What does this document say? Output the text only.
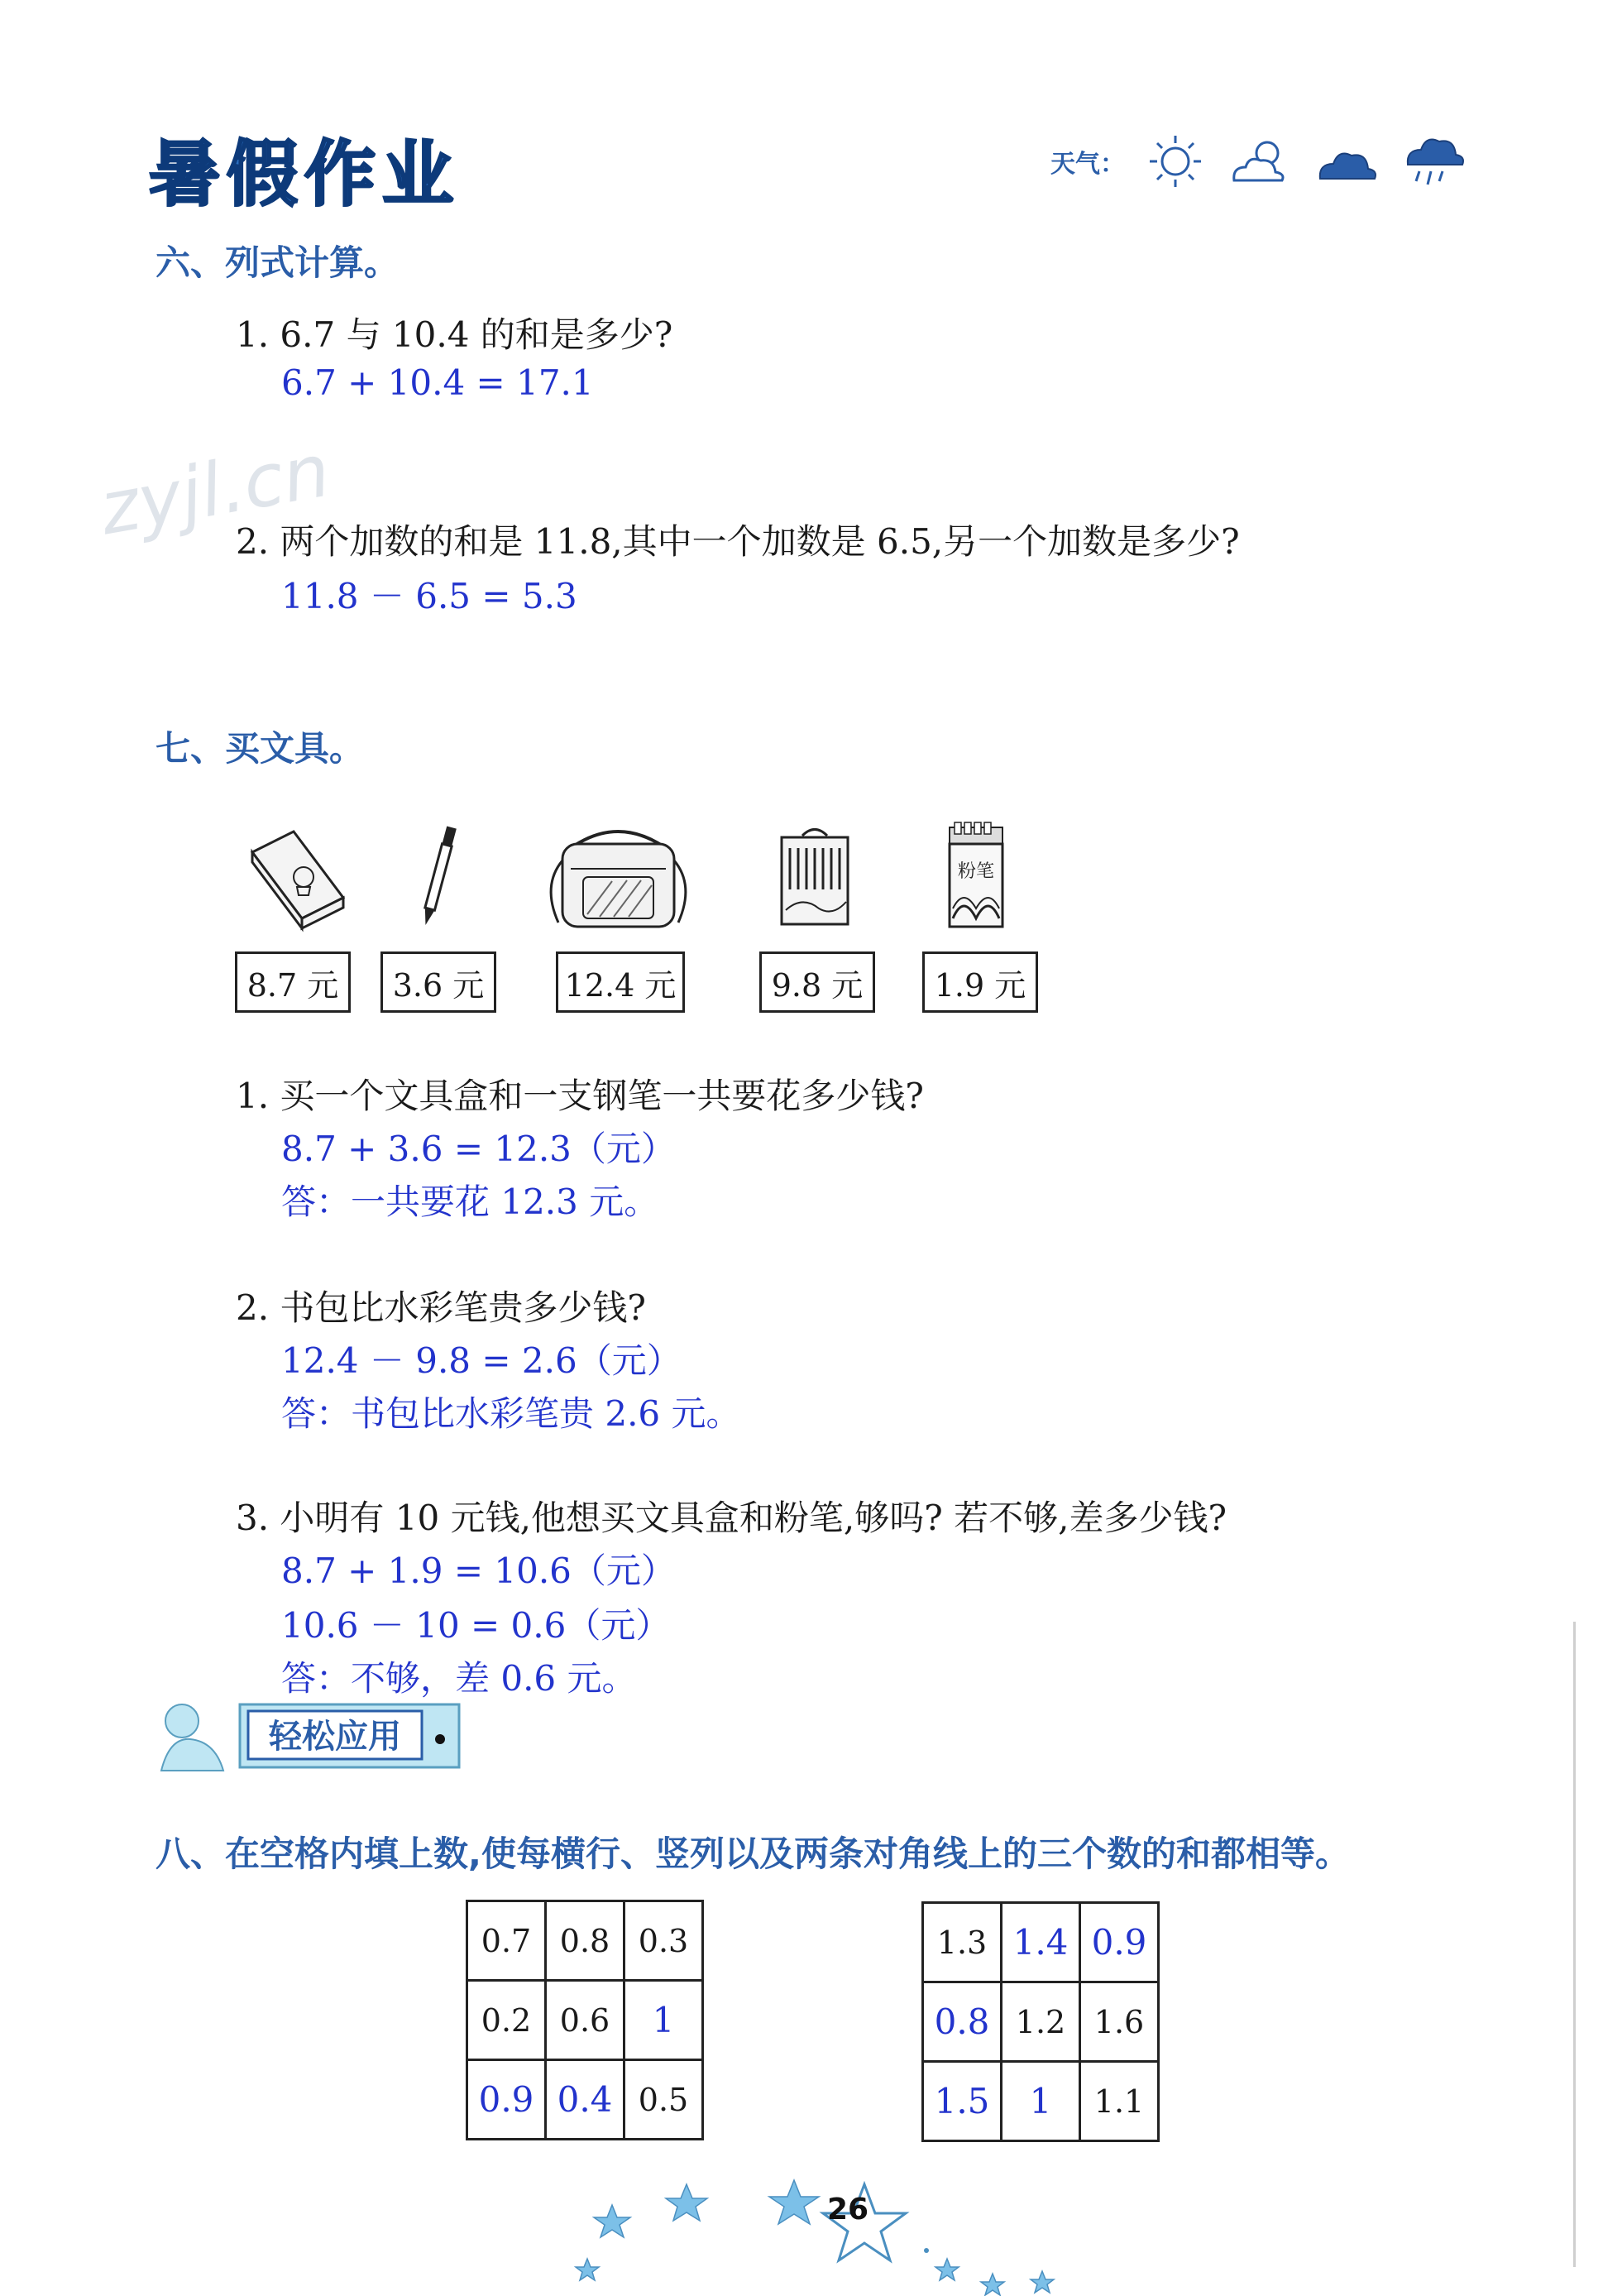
暑假作业	天气：
zyjl.cn
六、列式计算。
1. 6.7 与 10.4 的和是多少?
6.7 + 10.4 = 17.1
2. 两个加数的和是 11.8,其中一个加数是 6.5,另一个加数是多少?
11.8 － 6.5 = 5.3
七、买文具。
粉笔
8.7 元 3.6 元	12.4 元	9.8 元 1.9 元
1. 买一个文具盒和一支钢笔一共要花多少钱?
8.7 + 3.6 = 12.3（元）
答：一共要花 12.3 元。
2. 书包比水彩笔贵多少钱?
12.4 － 9.8 = 2.6（元）
答：书包比水彩笔贵 2.6 元。
3. 小明有 10 元钱,他想买文具盒和粉笔,够吗? 若不够,差多少钱?
8.7 + 1.9 = 10.6（元）
10.6 － 10 = 0.6（元）
答：不够，差 0.6 元。
轻松应用
八、在空格内填上数,使每横行、竖列以及两条对角线上的三个数的和都相等。
0.7	0.8	0.3
0.2	0.6	1
0.9	0.4	0.5
1.3	1.4	0.9
0.8	1.2	1.6
1.5	1	1.1
26
